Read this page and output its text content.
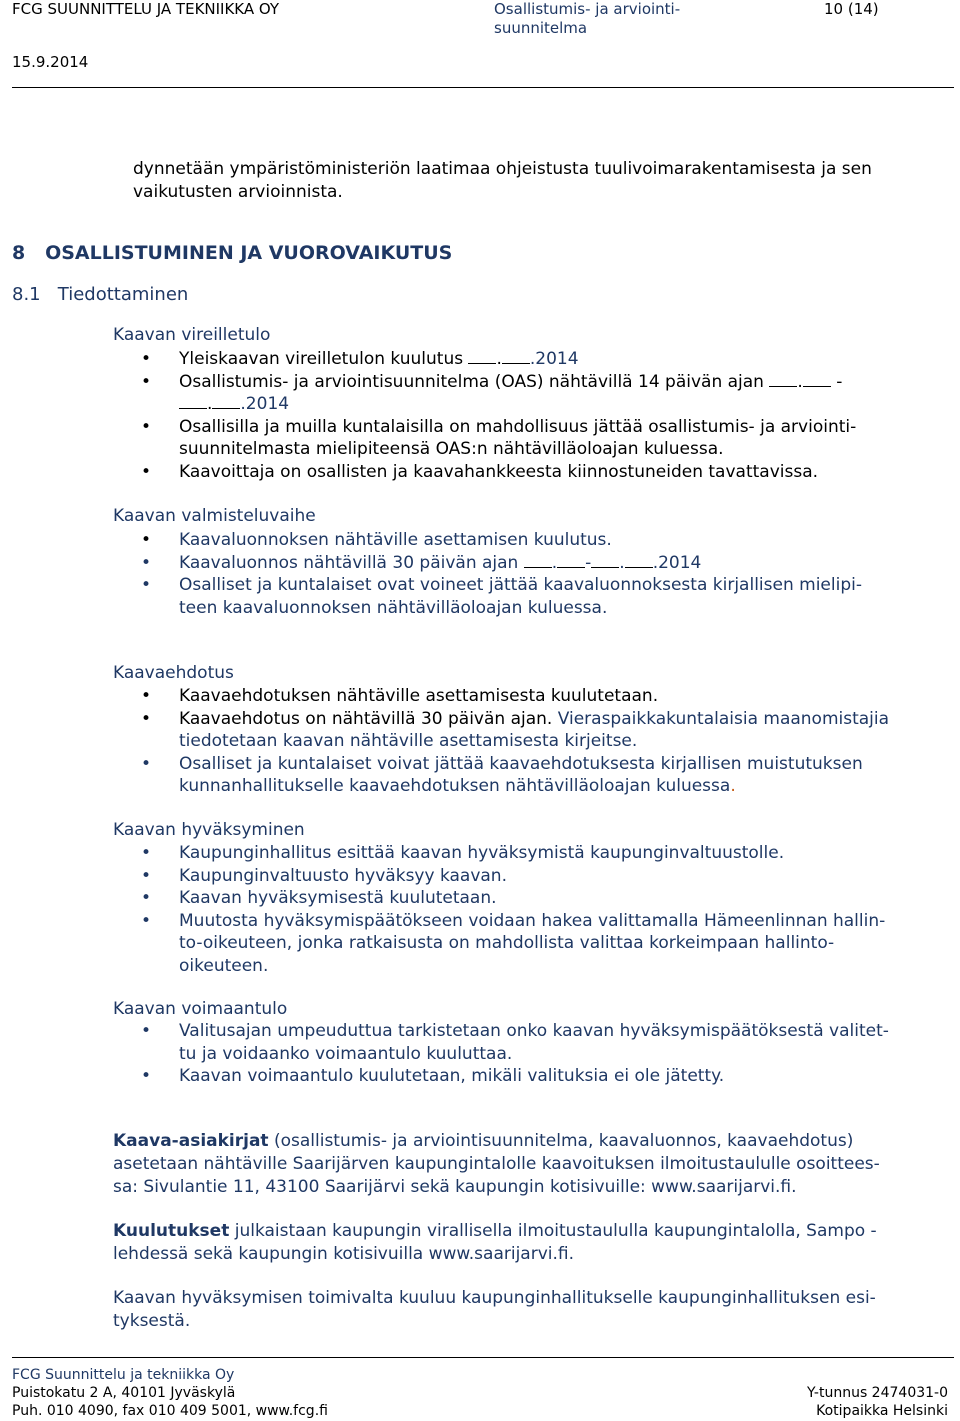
FCG SUUNNITTELU JA TEKNIIKKA OY	Osallistumis- ja arviointi-
suunnitelma
10 (14)
15.9.2014
dynnetään ympäristöministeriön laatimaa ohjeistusta tuulivoimarakentamisesta ja sen
vaikutusten arvioinnista.
8   OSALLISTUMINEN JA VUOROVAIKUTUS
8.1   Tiedottaminen
Kaavan vireilletulo
• Yleiskaavan vireilletulon kuulutus . .2014
• Osallistumis- ja arviointisuunnitelma (OAS) nähtävillä 14 päivän ajan . -
. .2014
• Osallisilla ja muilla kuntalaisilla on mahdollisuus jättää osallistumis- ja arviointi-
suunnitelmasta mielipiteensä OAS:n nähtävilläoloajan kuluessa.
• Kaavoittaja on osallisten ja kaavahankkeesta kiinnostuneiden tavattavissa.
Kaavan valmisteluvaihe
• Kaavaluonnoksen nähtäville asettamisen kuulutus.
• Kaavaluonnos nähtävillä 30 päivän ajan . - . .2014
• Osalliset ja kuntalaiset ovat voineet jättää kaavaluonnoksesta kirjallisen mielipi-
teen kaavaluonnoksen nähtävilläoloajan kuluessa.
Kaavaehdotus
• Kaavaehdotuksen nähtäville asettamisesta kuulutetaan.
• Kaavaehdotus on nähtävillä 30 päivän ajan. Vieraspaikkakuntalaisia maanomistajia
tiedotetaan kaavan nähtäville asettamisesta kirjeitse.
• Osalliset ja kuntalaiset voivat jättää kaavaehdotuksesta kirjallisen muistutuksen
kunnanhallitukselle kaavaehdotuksen nähtävilläoloajan kuluessa.
Kaavan hyväksyminen
• Kaupunginhallitus esittää kaavan hyväksymistä kaupunginvaltuustolle.
• Kaupunginvaltuusto hyväksyy kaavan.
• Kaavan hyväksymisestä kuulutetaan.
• Muutosta hyväksymispäätökseen voidaan hakea valittamalla Hämeenlinnan hallin-
to-oikeuteen, jonka ratkaisusta on mahdollista valittaa korkeimpaan hallinto-
oikeuteen.
Kaavan voimaantulo
• Valitusajan umpeuduttua tarkistetaan onko kaavan hyväksymispäätöksestä valitet-
tu ja voidaanko voimaantulo kuuluttaa.
• Kaavan voimaantulo kuulutetaan, mikäli valituksia ei ole jätetty.
Kaava-asiakirjat (osallistumis- ja arviointisuunnitelma, kaavaluonnos, kaavaehdotus)
asetetaan nähtäville Saarijärven kaupungintalolle kaavoituksen ilmoitustaululle osoittees-
sa: Sivulantie 11, 43100 Saarijärvi sekä kaupungin kotisivuille: www.saarijarvi.fi.
Kuulutukset julkaistaan kaupungin virallisella ilmoitustaululla kaupungintalolla, Sampo -
lehdessä sekä kaupungin kotisivuilla www.saarijarvi.fi.
Kaavan hyväksymisen toimivalta kuuluu kaupunginhallitukselle kaupunginhallituksen esi-
tyksestä.
FCG Suunnittelu ja tekniikka Oy
Puistokatu 2 A, 40101 Jyväskylä
Puh. 010 4090, fax 010 409 5001, www.fcg.fi
Y-tunnus 2474031-0
Kotipaikka Helsinki
